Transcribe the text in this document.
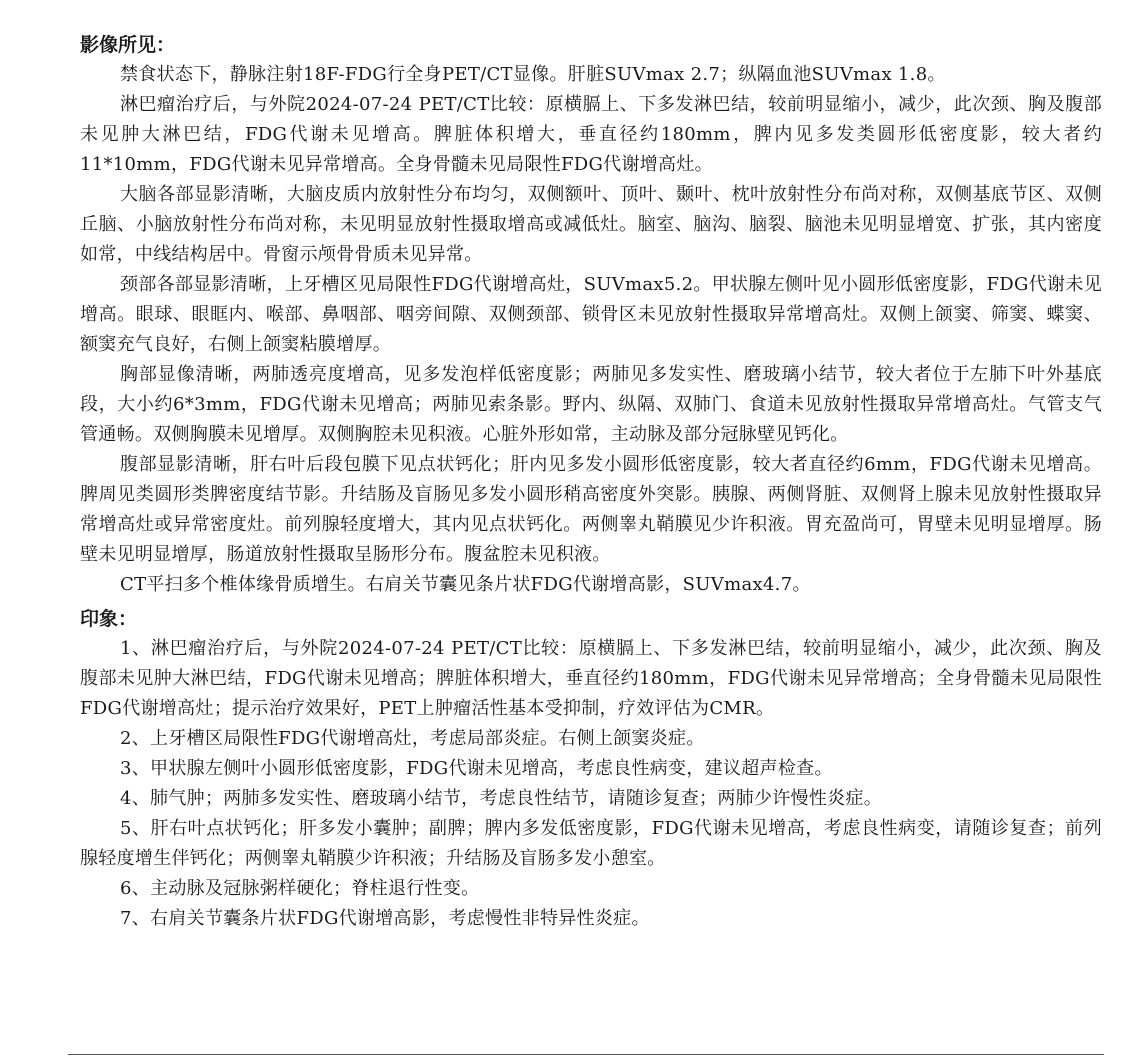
影像所见：

禁食状态下，静脉注射18F-FDG行全身PET/CT显像。肝脏SUVmax 2.7；纵隔血池SUVmax 1.8。

淋巴瘤治疗后，与外院2024-07-24 PET/CT比较：原横膈上、下多发淋巴结，较前明显缩小，减少，此次颈、胸及腹部未见肿大淋巴结，FDG代谢未见增高。脾脏体积增大，垂直径约180mm，脾内见多发类圆形低密度影，较大者约11*10mm，FDG代谢未见异常增高。全身骨髓未见局限性FDG代谢增高灶。

大脑各部显影清晰，大脑皮质内放射性分布均匀，双侧额叶、顶叶、颞叶、枕叶放射性分布尚对称，双侧基底节区、双侧丘脑、小脑放射性分布尚对称，未见明显放射性摄取增高或减低灶。脑室、脑沟、脑裂、脑池未见明显增宽、扩张，其内密度如常，中线结构居中。骨窗示颅骨骨质未见异常。

颈部各部显影清晰，上牙槽区见局限性FDG代谢增高灶，SUVmax5.2。甲状腺左侧叶见小圆形低密度影，FDG代谢未见增高。眼球、眼眶内、喉部、鼻咽部、咽旁间隙、双侧颈部、锁骨区未见放射性摄取异常增高灶。双侧上颌窦、筛窦、蝶窦、额窦充气良好，右侧上颌窦粘膜增厚。

胸部显像清晰，两肺透亮度增高，见多发泡样低密度影；两肺见多发实性、磨玻璃小结节，较大者位于左肺下叶外基底段，大小约6*3mm，FDG代谢未见增高；两肺见索条影。野内、纵隔、双肺门、食道未见放射性摄取异常增高灶。气管支气管通畅。双侧胸膜未见增厚。双侧胸腔未见积液。心脏外形如常，主动脉及部分冠脉壁见钙化。

腹部显影清晰，肝右叶后段包膜下见点状钙化；肝内见多发小圆形低密度影，较大者直径约6mm，FDG代谢未见增高。脾周见类圆形类脾密度结节影。升结肠及盲肠见多发小圆形稍高密度外突影。胰腺、两侧肾脏、双侧肾上腺未见放射性摄取异常增高灶或异常密度灶。前列腺轻度增大，其内见点状钙化。两侧睾丸鞘膜见少许积液。胃充盈尚可，胃壁未见明显增厚。肠壁未见明显增厚，肠道放射性摄取呈肠形分布。腹盆腔未见积液。

CT平扫多个椎体缘骨质增生。右肩关节囊见条片状FDG代谢增高影，SUVmax4.7。

印象：

1、淋巴瘤治疗后，与外院2024-07-24 PET/CT比较：原横膈上、下多发淋巴结，较前明显缩小，减少，此次颈、胸及腹部未见肿大淋巴结，FDG代谢未见增高；脾脏体积增大，垂直径约180mm，FDG代谢未见异常增高；全身骨髓未见局限性FDG代谢增高灶；提示治疗效果好，PET上肿瘤活性基本受抑制，疗效评估为CMR。

2、上牙槽区局限性FDG代谢增高灶，考虑局部炎症。右侧上颌窦炎症。

3、甲状腺左侧叶小圆形低密度影，FDG代谢未见增高，考虑良性病变，建议超声检查。

4、肺气肿；两肺多发实性、磨玻璃小结节，考虑良性结节，请随诊复查；两肺少许慢性炎症。

5、肝右叶点状钙化；肝多发小囊肿；副脾；脾内多发低密度影，FDG代谢未见增高，考虑良性病变，请随诊复查；前列腺轻度增生伴钙化；两侧睾丸鞘膜少许积液；升结肠及盲肠多发小憩室。

6、主动脉及冠脉粥样硬化；脊柱退行性变。

7、右肩关节囊条片状FDG代谢增高影，考虑慢性非特异性炎症。
